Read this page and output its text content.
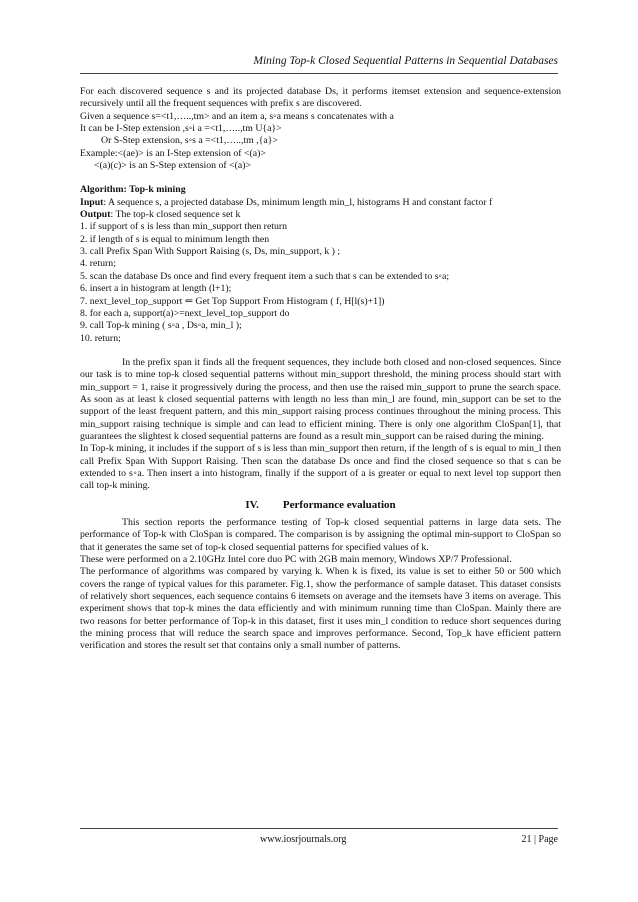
Mining Top-k Closed Sequential Patterns in Sequential Databases

For each discovered sequence s and its projected database Ds, it performs itemset extension and sequence-extension recursively until all the frequent sequences with prefix s are discovered.

Given a sequence s=<t1,…..,tm> and an item a, s◦a means s concatenates with a

It can be I-Step extension ,s◦i a =<t1,…..,tm U{a}>

Or S-Step extension, s◦s a =<t1,…..,tm ,{a}>

Example:<(ae)> is an I-Step extension of <(a)>

<(a)(c)> is an S-Step extension of <(a)>

Algorithm: Top-k mining

Input: A sequence s, a projected database Ds, minimum length min_l, histograms H and constant factor f

Output: The top-k closed sequence set k

1. if support of s is less than min_support then return

2. if length of s is equal to minimum length then

3. call Prefix Span With Support Raising (s, Ds, min_support, k ) ;

4. return;

5. scan the database Ds once and find every frequent item a such that s can be extended to s◦a;

6. insert a in histogram at length (l+1);

7. next_level_top_support ⇐ Get Top Support From Histogram ( f, H[l(s)+1])

8. for each a, support(a)>=next_level_top_support do

9. call Top-k mining ( s◦a , Ds◦a, min_l );

10. return;

In the prefix span it finds all the frequent sequences, they include both closed and non-closed sequences. Since our task is to mine top-k closed sequential patterns without min_support threshold, the mining process should start with min_support = 1, raise it progressively during the process, and then use the raised min_support to prune the search space. As soon as at least k closed sequential patterns with length no less than min_l are found, min_support can be set to the support of the least frequent pattern, and this min_support raising process continues throughout the mining process. This min_support raising technique is simple and can lead to efficient mining. There is only one algorithm CloSpan[1], that guarantees the slightest k closed sequential patterns are found as a result min_support can be raised during the mining.

In Top-k mining, it includes if the support of s is less than min_support then return, if the length of s is equal to min_l then call Prefix Span With Support Raising. Then scan the database Ds once and find the closed sequence so that s can be extended to s◦a. Then insert a into histogram, finally if the support of a is greater or equal to next level top support then call top-k mining.

IV. Performance evaluation

This section reports the performance testing of Top-k closed sequential patterns in large data sets. The performance of Top-k with CloSpan is compared. The comparison is by assigning the optimal min-support to CloSpan so that it generates the same set of top-k closed sequential patterns for specified values of k.

These were performed on a 2.10GHz Intel core duo PC with 2GB main memory, Windows XP/7 Professional.

The performance of algorithms was compared by varying k. When k is fixed, its value is set to either 50 or 500 which covers the range of typical values for this parameter. Fig.1, show the performance of sample dataset. This dataset consists of relatively short sequences, each sequence contains 6 itemsets on average and the itemsets have 3 items on average. This experiment shows that top-k mines the data efficiently and with minimum running time than CloSpan. Mainly there are two reasons for better performance of Top-k in this dataset, first it uses min_l condition to reduce short sequences during the mining process that will reduce the search space and improves performance. Second, Top_k have efficient pattern verification and stores the result set that contains only a small number of patterns.

www.iosrjournals.org	21 | Page
